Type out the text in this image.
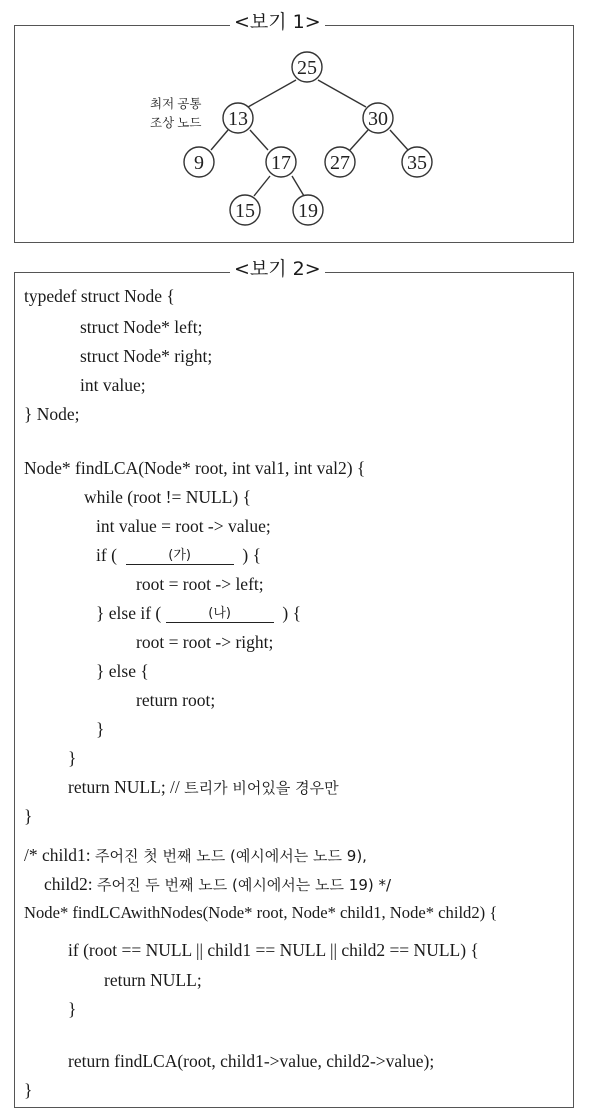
<보기 1>
25
13	30
9	17 27	35
15 19
최저 공통
조상 노드
<보기 2>
typedef struct Node {
struct Node* left;
struct Node* right;
int value;
} Node;
Node* findLCA(Node* root, int val1, int val2) {
while (root != NULL) {
int value = root -> value;
if (	(가)	) {
root = root -> left;
} else if (	(나)	) {
root = root -> right;
} else {
return root;
}
}
return NULL; // 트리가 비어있을 경우만
}
/* child1: 주어진 첫 번째 노드 (예시에서는 노드 9),
child2: 주어진 두 번째 노드 (예시에서는 노드 19) */
Node* findLCAwithNodes(Node* root, Node* child1, Node* child2) {
if (root == NULL || child1 == NULL || child2 == NULL) {
return NULL;
}
return findLCA(root, child1->value, child2->value);
}
